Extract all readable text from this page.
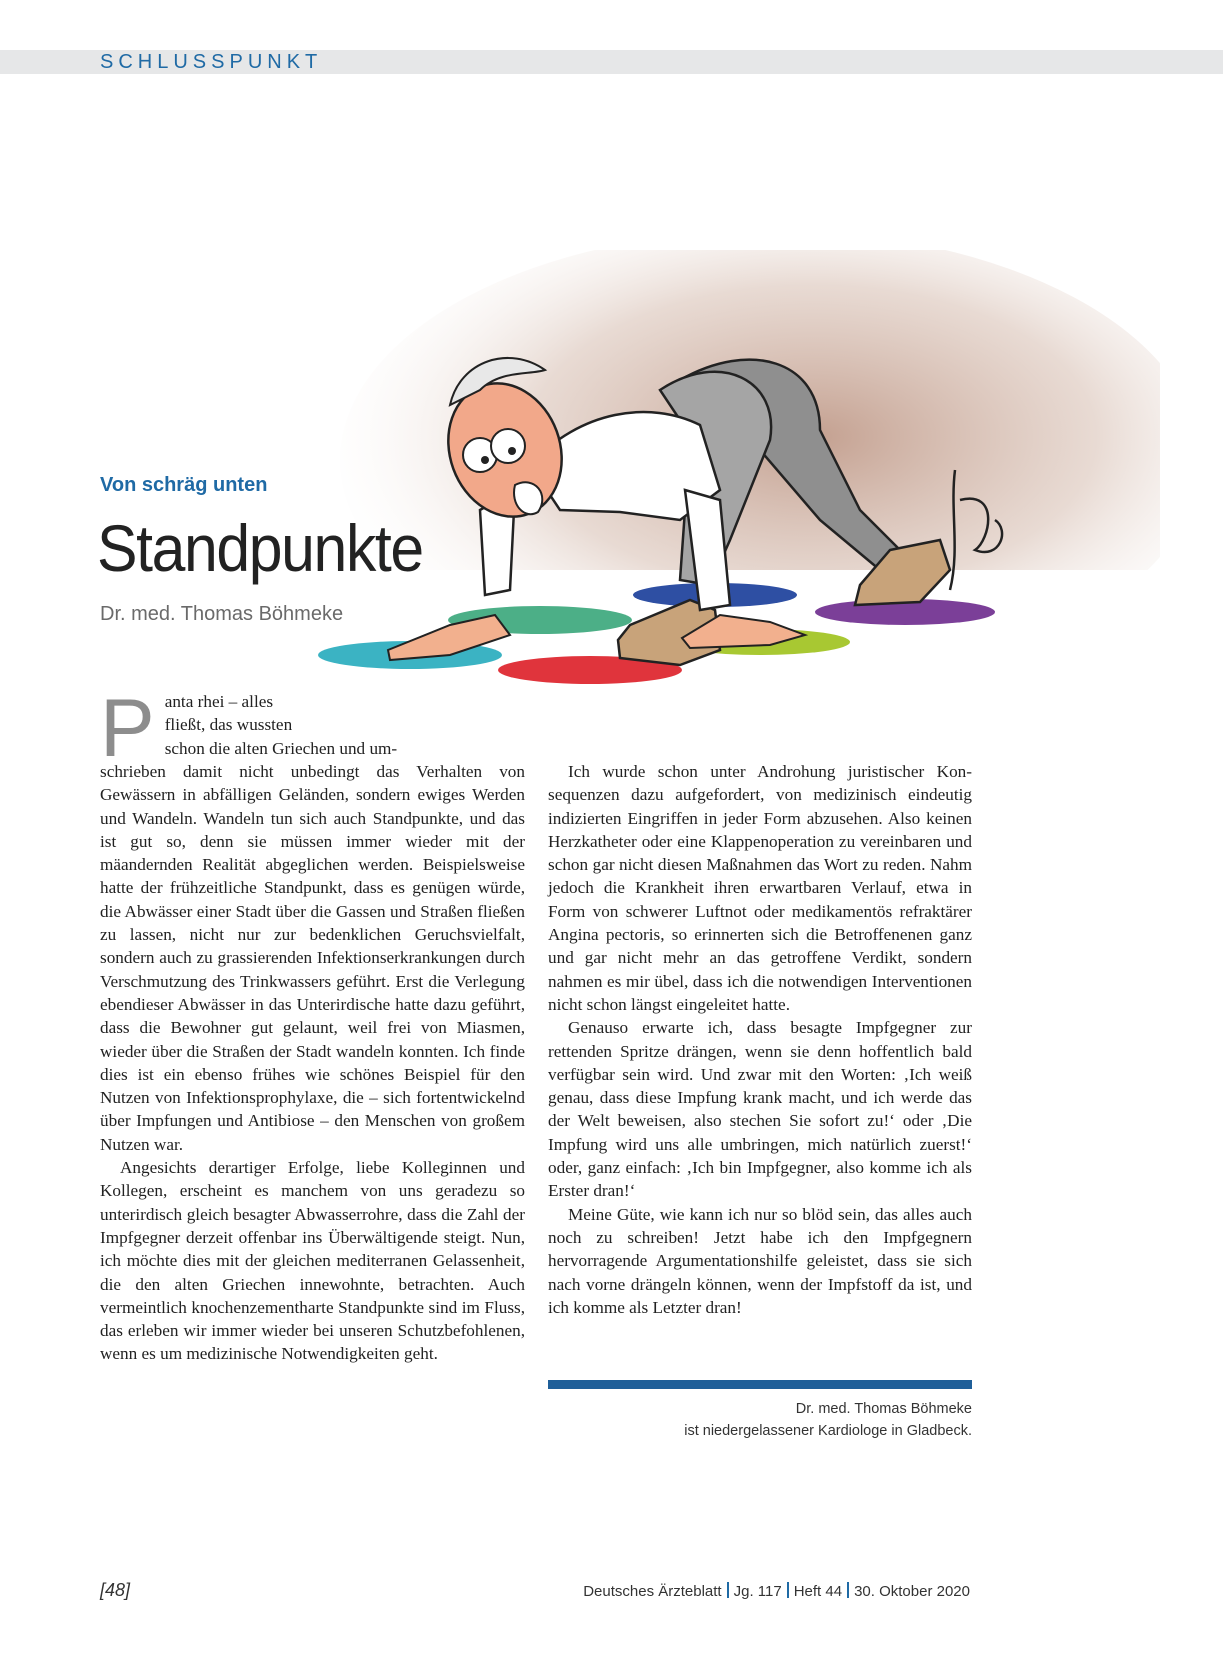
SCHLUSSPUNKT
Von schräg unten
Standpunkte
Dr. med. Thomas Böhmeke
P anta rhei – alles
fließt, das wussten
schon die alten Griechen und um-

schrieben damit nicht unbedingt das Verhalten von Gewässern in abfälligen Geländen, sondern ewiges Werden und Wandeln. Wandeln tun sich auch Standpunkte, und das ist gut so, denn sie müssen immer wieder mit der mäandernden Realität abgeglichen werden. Beispielsweise hatte der frühzeitliche Standpunkt, dass es genügen würde, die Abwässer einer Stadt über die Gassen und Straßen fließen zu lassen, nicht nur zur bedenklichen Geruchsvielfalt, sondern auch zu grassierenden Infektionserkrankungen durch Verschmutzung des Trinkwassers geführt. Erst die Verlegung ebendieser Abwässer in das Unterirdische hatte dazu geführt, dass die Bewohner gut gelaunt, weil frei von Miasmen, wieder über die Straßen der Stadt wandeln konnten. Ich finde dies ist ein ebenso frühes wie schönes Beispiel für den Nutzen von Infektionsprophylaxe, die – sich fortentwickelnd über Impfungen und Antibiose – den Menschen von großem Nutzen war.

Angesichts derartiger Erfolge, liebe Kolleginnen und Kollegen, erscheint es manchem von uns geradezu so unterirdisch gleich besagter Abwasserrohre, dass die Zahl der Impfgegner derzeit offenbar ins Überwältigende steigt. Nun, ich möchte dies mit der gleichen mediterranen Gelassenheit, die den alten Griechen innewohnte, betrachten. Auch vermeintlich knochenzementharte Standpunkte sind im Fluss, das erleben wir immer wieder bei unseren Schutzbefohlenen, wenn es um medizinische Notwendigkeiten geht.

Ich wurde schon unter Androhung juristischer Konsequenzen dazu aufgefordert, von medizinisch eindeutig indizierten Eingriffen in jeder Form abzusehen. Also keinen Herzkatheter oder eine Klappenoperation zu vereinbaren und schon gar nicht diesen Maßnahmen das Wort zu reden. Nahm jedoch die Krankheit ihren erwartbaren Verlauf, etwa in Form von schwerer Luftnot oder medikamentös refraktärer Angina pectoris, so erinnerten sich die Betroffenenen ganz und gar nicht mehr an das getroffene Verdikt, sondern nahmen es mir übel, dass ich die notwendigen Interventionen nicht schon längst eingeleitet hatte.

Genauso erwarte ich, dass besagte Impfgegner zur rettenden Spritze drängen, wenn sie denn hoffentlich bald verfügbar sein wird. Und zwar mit den Worten: ‚Ich weiß genau, dass diese Impfung krank macht, und ich werde das der Welt beweisen, also stechen Sie sofort zu!‘ oder ‚Die Impfung wird uns alle umbringen, mich natürlich zuerst!‘ oder, ganz einfach: ‚Ich bin Impfgegner, also komme ich als Erster dran!‘

Meine Güte, wie kann ich nur so blöd sein, das alles auch noch zu schreiben! Jetzt habe ich den Impfgegnern hervorragende Argumentationshilfe geleistet, dass sie sich nach vorne drängeln können, wenn der Impfstoff da ist, und ich komme als Letzter dran!

Dr. med. Thomas Böhmeke
ist niedergelassener Kardiologe in Gladbeck.
[48]	Deutsches Ärzteblatt Jg. 117 Heft 44 30. Oktober 2020
